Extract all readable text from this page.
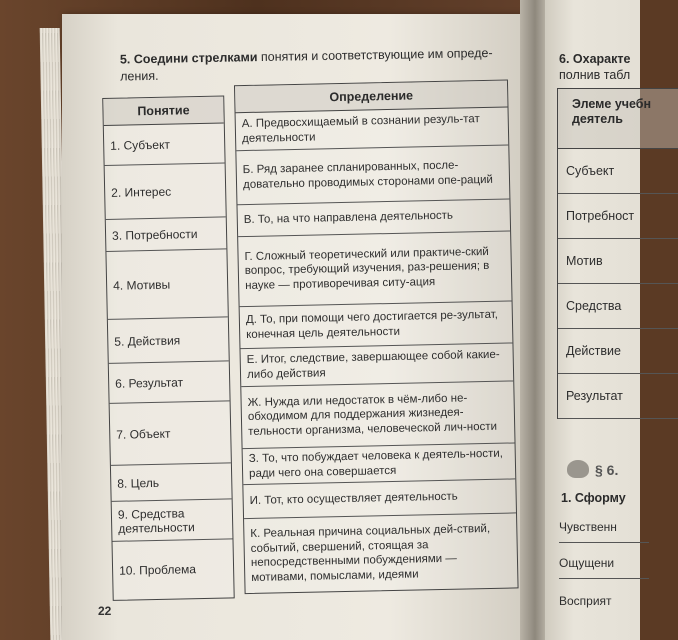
5. Соедини стрелками понятия и соответствующие им опреде-
ления.
Понятие
1. Субъект
2. Интерес
3. Потребности
4. Мотивы
5. Действия
6. Результат
7. Объект
8. Цель
9. Средства деятельности
10. Проблема
Определение
А. Предвосхищаемый в сознании резуль-тат деятельности
Б. Ряд заранее спланированных, после-довательно проводимых сторонами опе-раций
В. То, на что направлена деятельность
Г. Сложный теоретический или практиче-ский вопрос, требующий изучения, раз-решения; в науке — противоречивая ситу-ация
Д. То, при помощи чего достигается ре-зультат, конечная цель деятельности
Е. Итог, следствие, завершающее собой какие-либо действия
Ж. Нужда или недостаток в чём-либо не-обходимом для поддержания жизнедея-тельности организма, человеческой лич-ности
З. То, что побуждает человека к деятель-ности, ради чего она совершается
И. Тот, кто осуществляет деятельность
К. Реальная причина социальных дей-ствий, событий, свершений, стоящая за непосредственными побуждениями — мотивами, помыслами, идеями
22
6. Охаракте
полнив табл
Элеме учебн деятель
Субъект
Потребност
Мотив
Средства
Действие
Результат
§ 6.
1. Сформу
Чувственн
Ощущени
Восприят
